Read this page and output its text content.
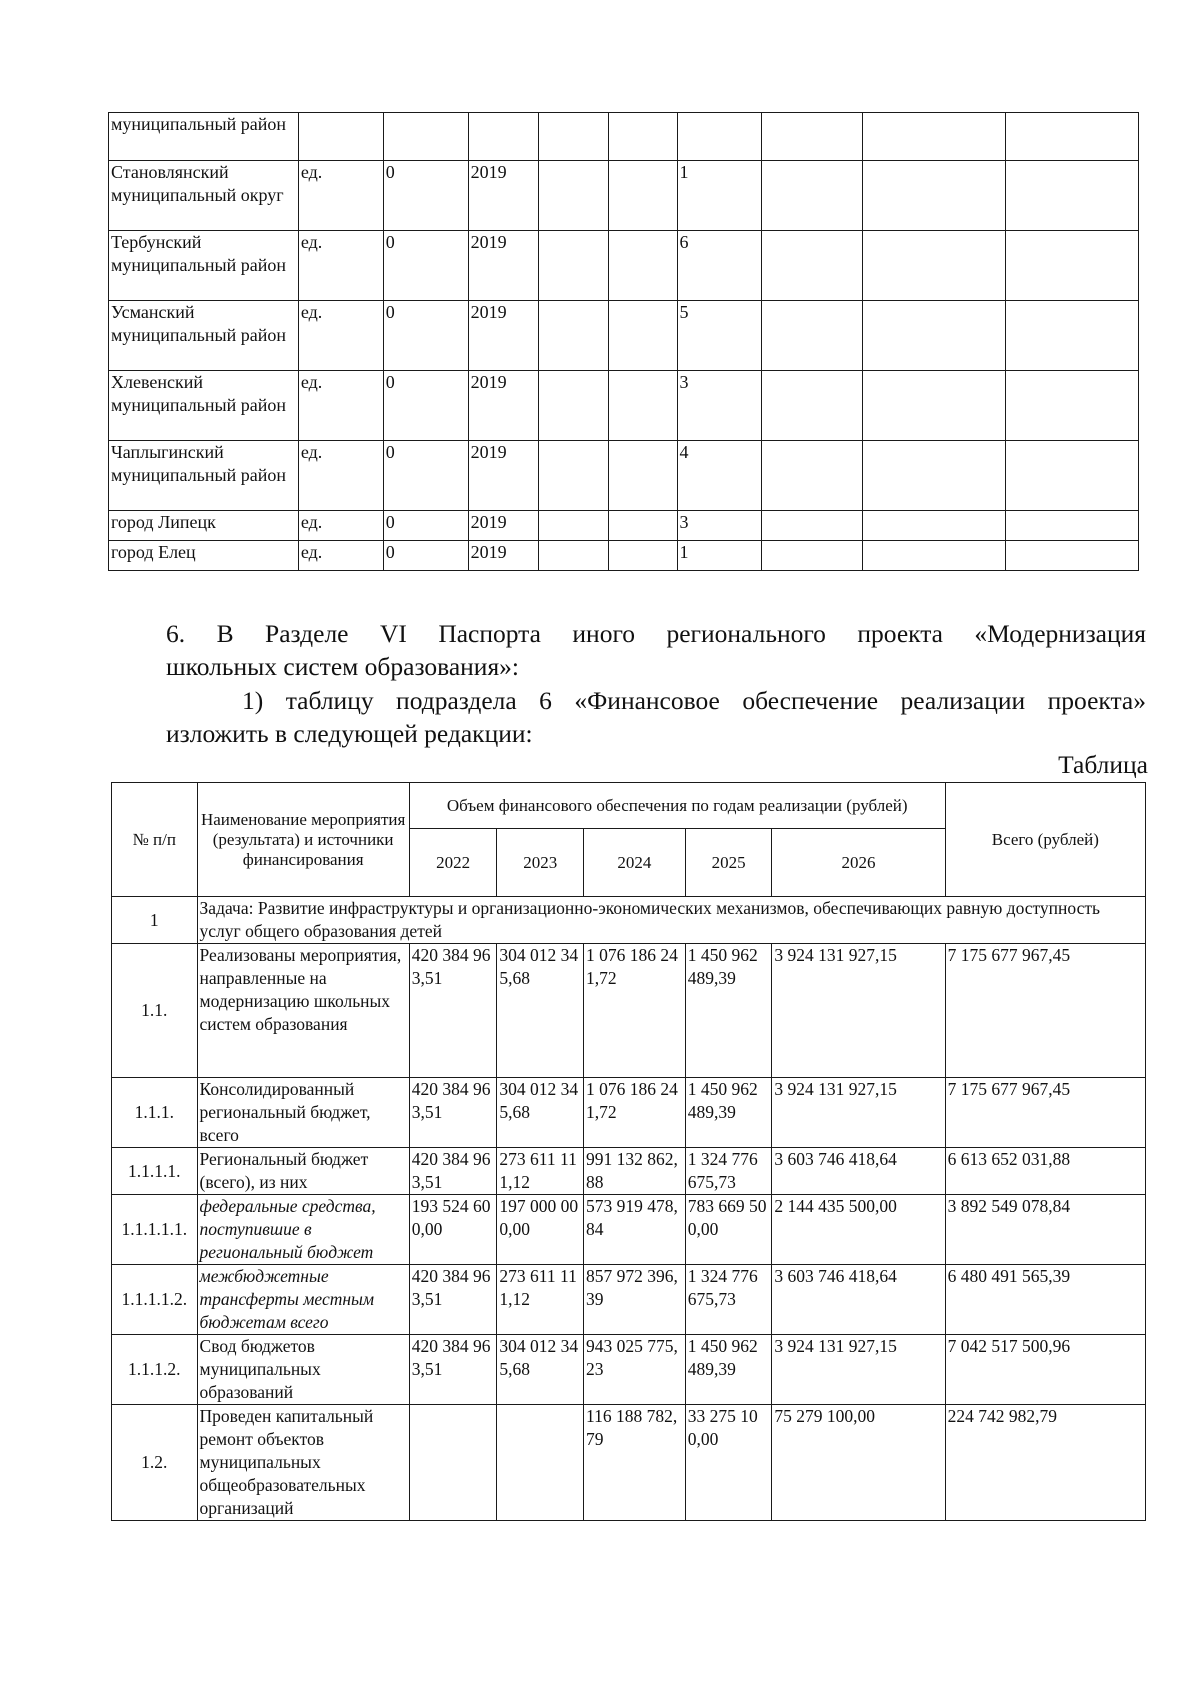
муниципальный район									
Становлянский муниципальный округ	ед.	0	2019			1			
Тербунский муниципальный район	ед.	0	2019			6			
Усманский муниципальный район	ед.	0	2019			5			
Хлевенский муниципальный район	ед.	0	2019			3			
Чаплыгинский муниципальный район	ед.	0	2019			4			
город Липецк	ед.	0	2019			3			
город Елец	ед.	0	2019			1			
6. В Разделе VI Паспорта иного регионального проекта «Модернизация
школьных систем образования»:
1) таблицу подраздела 6 «Финансовое обеспечение реализации проекта»
изложить в следующей редакции:
Таблица
№ п/п	Наименование мероприятия (результата) и источники финансирования	Объем финансового обеспечения по годам реализации (рублей)					Всего (рублей)
		2022	2023	2024	2025	2026	
1	Задача: Развитие инфраструктуры и организационно-экономических механизмов, обеспечивающих равную доступность услуг общего образования детей						
1.1.	Реализованы мероприятия, направленные на модернизацию школьных систем образования	420 384 963,51	304 012 345,68	1 076 186 241,72	1 450 962 489,39	3 924 131 927,15	7 175 677 967,45
1.1.1.	Консолидированный региональный бюджет, всего	420 384 963,51	304 012 345,68	1 076 186 241,72	1 450 962 489,39	3 924 131 927,15	7 175 677 967,45
1.1.1.1.	Региональный бюджет (всего), из них	420 384 963,51	273 611 111,12	991 132 862,88	1 324 776 675,73	3 603 746 418,64	6 613 652 031,88
1.1.1.1.1.	федеральные средства, поступившие в региональный бюджет	193 524 600,00	197 000 000,00	573 919 478,84	783 669 500,00	2 144 435 500,00	3 892 549 078,84
1.1.1.1.2.	межбюджетные трансферты местным бюджетам всего	420 384 963,51	273 611 111,12	857 972 396,39	1 324 776 675,73	3 603 746 418,64	6 480 491 565,39
1.1.1.2.	Свод бюджетов муниципальных образований	420 384 963,51	304 012 345,68	943 025 775,23	1 450 962 489,39	3 924 131 927,15	7 042 517 500,96
1.2.	Проведен капитальный ремонт объектов муниципальных общеобразовательных организаций			116 188 782,79	33 275 100,00	75 279 100,00	224 742 982,79
